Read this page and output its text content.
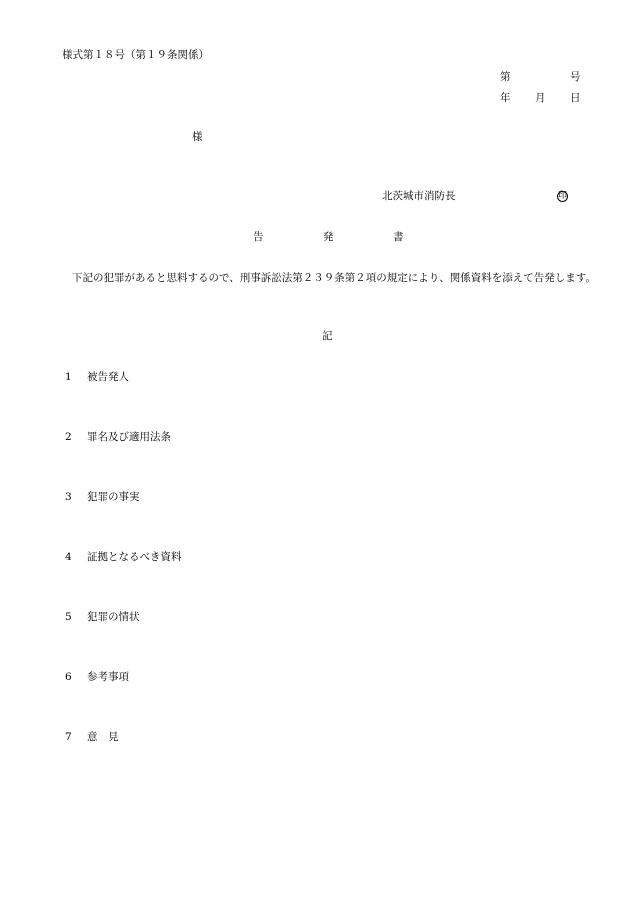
様式第１８号（第１９条関係）
第	号
年 月 日
様
北茨城市消防長	印
告	発	書
下記の犯罪があると思料するので、刑事訴訟法第２３９条第２項の規定により、関係資料を添えて告発します。
記
1 被告発人
2 罪名及び適用法条
3 犯罪の事実
4 証拠となるべき資料
5 犯罪の情状
6 参考事項
7 意　見
